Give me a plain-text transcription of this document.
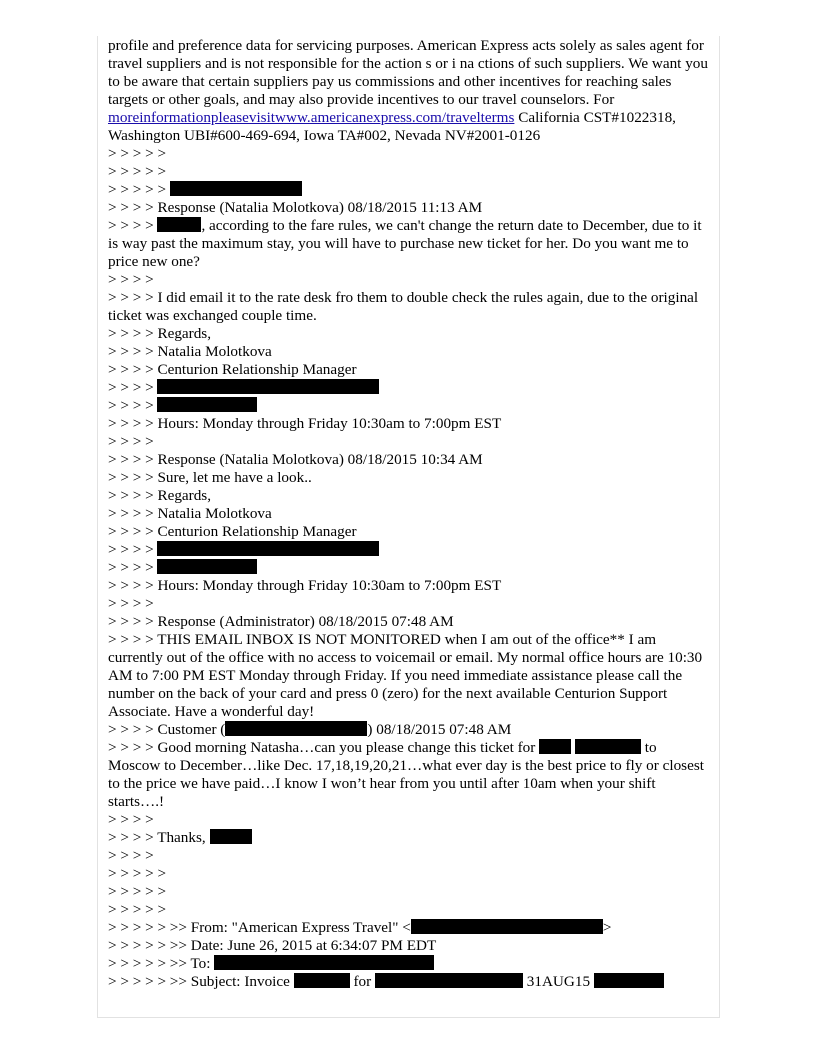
profile and preference data for servicing purposes. American Express acts solely as sales agent for travel suppliers and is not responsible for the action s or i na ctions of such suppliers. We want you to be aware that certain suppliers pay us commissions and other incentives for reaching sales targets or other goals, and may also provide incentives to our travel counselors. For moreinformationpleasevisitwww.americanexpress.com/travelterms California CST#1022318, Washington UBI#600-469-694, Iowa TA#002, Nevada NV#2001-0126
> > > > >
> > > > >
> > > > >
> > > > Response (Natalia Molotkova) 08/18/2015 11:13 AM
> > > >	, according to the fare rules, we can't change the return date to December, due to it is way past the maximum stay, you will have to purchase new ticket for her. Do you want me to price new one?
> > > >
> > > > I did email it to the rate desk fro them to double check the rules again, due to the original ticket was exchanged couple time.
> > > > Regards,
> > > > Natalia Molotkova
> > > > Centurion Relationship Manager
> > > >
> > > >
> > > > Hours: Monday through Friday 10:30am to 7:00pm EST
> > > >
> > > > Response (Natalia Molotkova) 08/18/2015 10:34 AM
> > > > Sure, let me have a look..
> > > > Regards,
> > > > Natalia Molotkova
> > > > Centurion Relationship Manager
> > > >
> > > >
> > > > Hours: Monday through Friday 10:30am to 7:00pm EST
> > > >
> > > > Response (Administrator) 08/18/2015 07:48 AM
> > > > THIS EMAIL INBOX IS NOT MONITORED when I am out of the office** I am currently out of the office with no access to voicemail or email. My normal office hours are 10:30 AM to 7:00 PM EST Monday through Friday. If you need immediate assistance please call the number on the back of your card and press 0 (zero) for the next available Centurion Support Associate. Have a wonderful day!
> > > > Customer (	) 08/18/2015 07:48 AM
> > > > Good morning Natasha…can you please change this ticket for	to Moscow to December…like Dec. 17,18,19,20,21…what ever day is the best price to fly or closest to the price we have paid…I know I won’t hear from you until after 10am when your shift starts….!
> > > >
> > > > Thanks,
> > > >
> > > > >
> > > > >
> > > > >
> > > > > >> From: "American Express Travel" <	>
> > > > > >> Date: June 26, 2015 at 6:34:07 PM EDT
> > > > > >> To:
> > > > > >> Subject: Invoice	for	31AUG15
